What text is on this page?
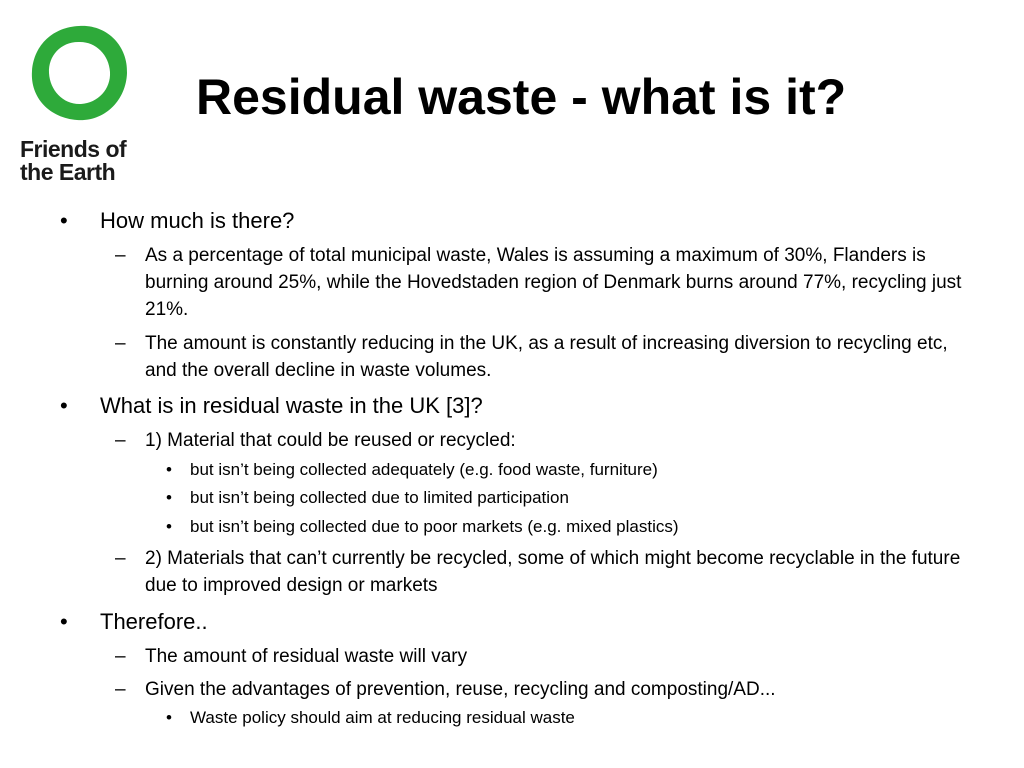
Friends of
the Earth
Residual waste - what is it?
• How much is there?
– As a percentage of total municipal waste, Wales is assuming a maximum of 30%, Flanders is burning around 25%, while the Hovedstaden region of Denmark burns around 77%, recycling just 21%.
– The amount is constantly reducing in the UK, as a result of increasing diversion to recycling etc, and the overall decline in waste volumes.
• What is in residual waste in the UK [3]?
– 1) Material that could be reused or recycled:
• but isn’t being collected adequately (e.g. food waste, furniture)
• but isn’t being collected due to limited participation
• but isn’t being collected due to poor markets (e.g. mixed plastics)
– 2) Materials that can’t currently be recycled, some of which might become recyclable in the future due to improved design or markets
• Therefore..
– The amount of residual waste will vary
– Given the advantages of prevention, reuse, recycling and composting/AD...
• Waste policy should aim at reducing residual waste
